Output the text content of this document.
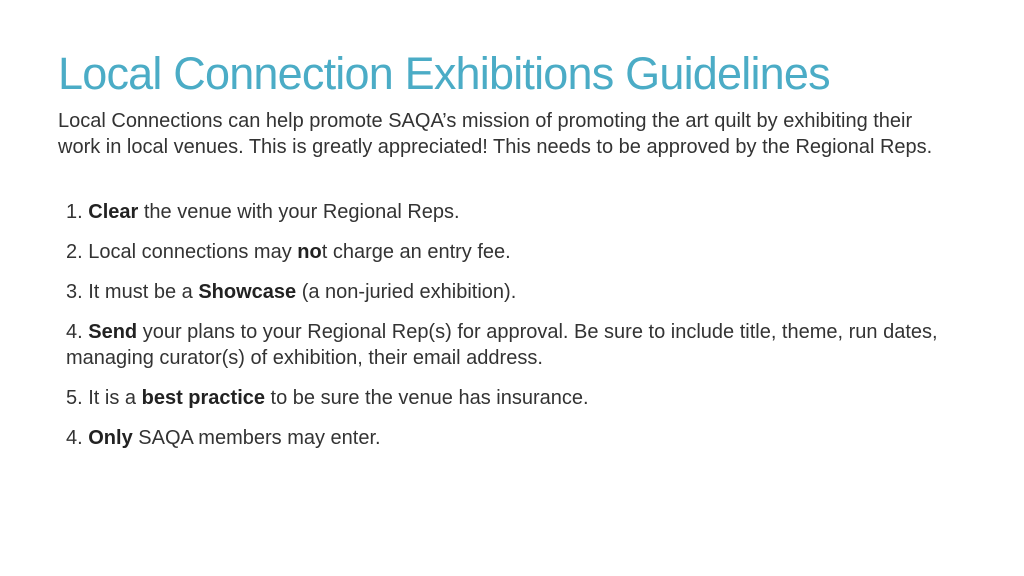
Local Connection Exhibitions Guidelines
Local Connections can help promote SAQA’s mission of promoting the art quilt by exhibiting their work in local venues. This is greatly appreciated! This needs to be approved by the Regional Reps.
1. Clear the venue with your Regional Reps.
2. Local connections may not charge an entry fee.
3. It must be a Showcase (a non-juried exhibition).
4. Send your plans to your Regional Rep(s) for approval. Be sure to include title, theme, run dates, managing curator(s) of exhibition, their email address.
5. It is a best practice to be sure the venue has insurance.
4. Only SAQA members may enter.
